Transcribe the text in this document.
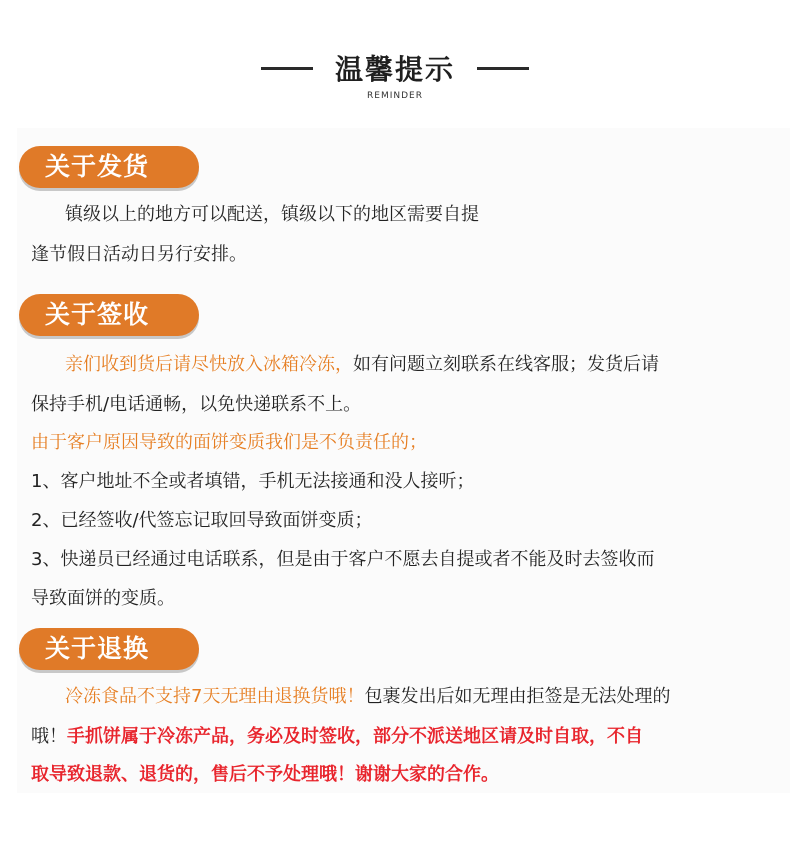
温馨提示
REMINDER
关于发货
镇级以上的地方可以配送，镇级以下的地区需要自提
逢节假日活动日另行安排。
关于签收
亲们收到货后请尽快放入冰箱冷冻，如有问题立刻联系在线客服；发货后请
保持手机/电话通畅，以免快递联系不上。
由于客户原因导致的面饼变质我们是不负责任的；
1、客户地址不全或者填错，手机无法接通和没人接听；
2、已经签收/代签忘记取回导致面饼变质；
3、快递员已经通过电话联系，但是由于客户不愿去自提或者不能及时去签收而
导致面饼的变质。
关于退换
冷冻食品不支持7天无理由退换货哦！包裹发出后如无理由拒签是无法处理的
哦！手抓饼属于冷冻产品，务必及时签收，部分不派送地区请及时自取，不自
取导致退款、退货的，售后不予处理哦！谢谢大家的合作。
